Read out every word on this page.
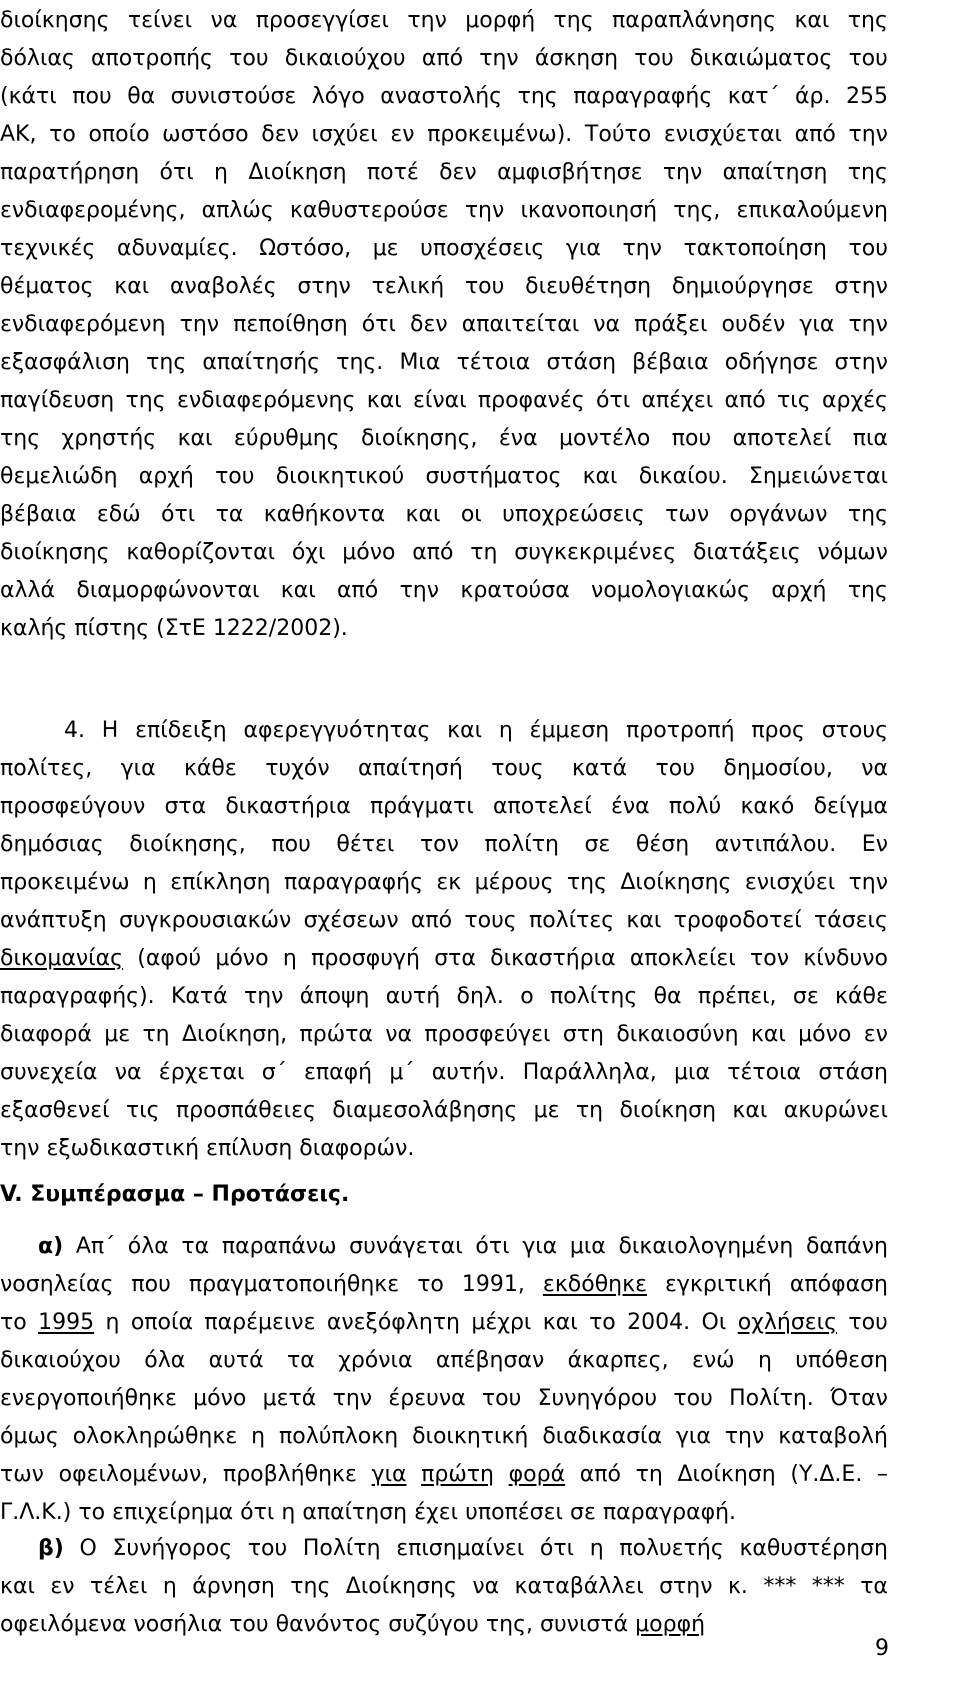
διοίκησης τείνει να προσεγγίσει την μορφή της παραπλάνησης και της
δόλιας αποτροπής του δικαιούχου από την άσκηση του δικαιώματος του
(κάτι που θα συνιστούσε λόγο αναστολής της παραγραφής κατ΄ άρ. 255
ΑΚ, το οποίο ωστόσο δεν ισχύει εν προκειμένω). Τούτο ενισχύεται από την
παρατήρηση ότι η Διοίκηση ποτέ δεν αμφισβήτησε την απαίτηση της
ενδιαφερομένης, απλώς καθυστερούσε την ικανοποιησή της, επικαλούμενη
τεχνικές αδυναμίες. Ωστόσο, με υποσχέσεις για την τακτοποίηση του
θέματος και αναβολές στην τελική του διευθέτηση δημιούργησε στην
ενδιαφερόμενη την πεποίθηση ότι δεν απαιτείται να πράξει ουδέν για την
εξασφάλιση της απαίτησής της. Μια τέτοια στάση βέβαια οδήγησε στην
παγίδευση της ενδιαφερόμενης και είναι προφανές ότι απέχει από τις αρχές
της χρηστής και εύρυθμης διοίκησης, ένα μοντέλο που αποτελεί πια
θεμελιώδη αρχή του διοικητικού συστήματος και δικαίου. Σημειώνεται
βέβαια εδώ ότι τα καθήκοντα και οι υποχρεώσεις των οργάνων της
διοίκησης καθορίζονται όχι μόνο από τη συγκεκριμένες διατάξεις νόμων
αλλά διαμορφώνονται και από την κρατούσα νομολογιακώς αρχή της
καλής πίστης (ΣτΕ 1222/2002).
4. Η επίδειξη αφερεγγυότητας και η έμμεση προτροπή προς στους
πολίτες, για κάθε τυχόν απαίτησή τους κατά του δημοσίου, να
προσφεύγουν στα δικαστήρια πράγματι αποτελεί ένα πολύ κακό δείγμα
δημόσιας διοίκησης, που θέτει τον πολίτη σε θέση αντιπάλου. Εν
προκειμένω η επίκληση παραγραφής εκ μέρους της Διοίκησης ενισχύει την
ανάπτυξη συγκρουσιακών σχέσεων από τους πολίτες και τροφοδοτεί τάσεις
δικομανίας (αφού μόνο η προσφυγή στα δικαστήρια αποκλείει τον κίνδυνο
παραγραφής). Κατά την άποψη αυτή δηλ. ο πολίτης θα πρέπει, σε κάθε
διαφορά με τη Διοίκηση, πρώτα να προσφεύγει στη δικαιοσύνη και μόνο εν
συνεχεία να έρχεται σ΄ επαφή μ΄ αυτήν. Παράλληλα, μια τέτοια στάση
εξασθενεί τις προσπάθειες διαμεσολάβησης με τη διοίκηση και ακυρώνει
την εξωδικαστική επίλυση διαφορών.
V. Συμπέρασμα – Προτάσεις.
α) Απ΄ όλα τα παραπάνω συνάγεται ότι για μια δικαιολογημένη δαπάνη
νοσηλείας που πραγματοποιήθηκε το 1991, εκδόθηκε εγκριτική απόφαση
το 1995 η οποία παρέμεινε ανεξόφλητη μέχρι και το 2004. Οι οχλήσεις του
δικαιούχου όλα αυτά τα χρόνια απέβησαν άκαρπες, ενώ η υπόθεση
ενεργοποιήθηκε μόνο μετά την έρευνα του Συνηγόρου του Πολίτη. Όταν
όμως ολοκληρώθηκε η πολύπλοκη διοικητική διαδικασία για την καταβολή
των οφειλομένων, προβλήθηκε για πρώτη φορά από τη Διοίκηση (Υ.Δ.Ε. –
Γ.Λ.Κ.) το επιχείρημα ότι η απαίτηση έχει υποπέσει σε παραγραφή.
β) Ο Συνήγορος του Πολίτη επισημαίνει ότι η πολυετής καθυστέρηση
και εν τέλει η άρνηση της Διοίκησης να καταβάλλει στην κ. *** *** τα
οφειλόμενα νοσήλια του θανόντος συζύγου της, συνιστά μορφή
9
